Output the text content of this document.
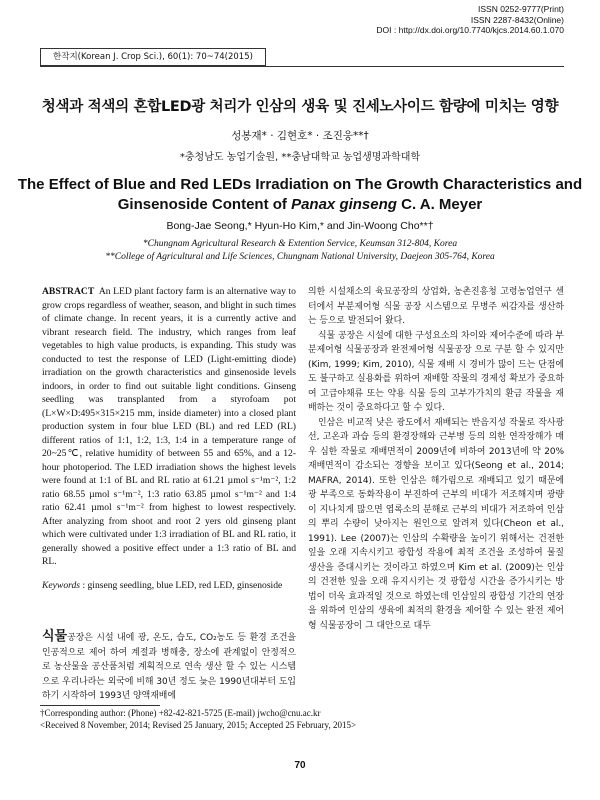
ISSN 0252-9777(Print)
ISSN 2287-8432(Online)
DOI : http://dx.doi.org/10.7740/kjcs.2014.60.1.070
한작지(Korean J. Crop Sci.), 60(1): 70~74(2015)
청색과 적색의 혼합LED광 처리가 인삼의 생육 및 진세노사이드 함량에 미치는 영향
성봉재* · 김현호* · 조진웅**†
*충청남도 농업기술원, **충남대학교 농업생명과학대학
The Effect of Blue and Red LEDs Irradiation on The Growth Characteristics and
Ginsenoside Content of Panax ginseng C. A. Meyer
Bong-Jae Seong,* Hyun-Ho Kim,* and Jin-Woong Cho**†
*Chungnam Agricultural Research & Extention Service, Keumsan 312-804, Korea
**College of Agricultural and Life Sciences, Chungnam National University, Daejeon 305-764, Korea

ABSTRACT An LED plant factory farm is an alternative way to grow crops regardless of weather, season, and blight in such times of climate change. In recent years, it is a currently active and vibrant research field. The industry, which ranges from leaf vegetables to high value products, is expanding. This study was conducted to test the response of LED (Light-emitting diode) irradiation on the growth characteristics and ginsenoside levels indoors, in order to find out suitable light conditions. Ginseng seedling was transplanted from a styrofoam pot (L×W×D:495×315×215 mm, inside diameter) into a closed plant production system in four blue LED (BL) and red LED (RL) different ratios of 1:1, 1:2, 1:3, 1:4 in a temperature range of 20~25℃, relative humidity of between 55 and 65%, and a 12-hour photoperiod. The LED irradiation shows the highest levels were found at 1:1 of BL and RL ratio at 61.21 µmol s⁻¹m⁻², 1:2 ratio 68.55 µmol s⁻¹m⁻², 1:3 ratio 63.85 µmol s⁻¹m⁻² and 1:4 ratio 62.41 µmol s⁻¹m⁻² from highest to lowest respectively. After analyzing from shoot and root 2 yers old ginseng plant which were cultivated under 1:3 irradiation of BL and RL ratio, it generally showed a positive effect under a 1:3 ratio of BL and RL.

Keywords : ginseng seedling, blue LED, red LED, ginsenoside

식물공장은 시설 내에 광, 온도, 습도, CO₂농도 등 환경 조건을 인공적으로 제어 하여 계절과 병해충, 장소에 관계없이 안정적으로 농산물을 공산품처럼 계획적으로 연속 생산 할 수 있는 시스템으로 우리나라는 외국에 비해 30년 정도 늦은 1990년대부터 도입하기 시작하여 1993년 양액재배에

의한 시설채소의 육묘공장의 상업화, 농촌진흥청 고령농업연구 센터에서 부분제어형 식물 공장 시스템으로 무병주 씨감자를 생산하는 등으로 발전되어 왔다.

식물 공장은 시설에 대한 구성요소의 차이와 제어수준에 따라 부분제어형 식물공장과 완전제어형 식물공장 으로 구분 할 수 있지만(Kim, 1999; Kim, 2010), 식물 재배 시 경비가 많이 드는 단점에도 불구하고 실용화를 위하여 재배할 작물의 경제성 확보가 중요하여 고급야채류 또는 약용 식물 등의 고부가가치의 환금 작물을 재배하는 것이 중요하다고 할 수 있다.

인삼은 비교적 낮은 광도에서 재배되는 반음지성 작물로 작사광선, 고온과 과습 등의 환경장해와 근부병 등의 의한 연작장해가 매우 심한 작물로 재배면적이 2009년에 비하여 2013년에 약 20% 재배면적이 감소되는 경향을 보이고 있다(Seong et al., 2014; MAFRA, 2014). 또한 인삼은 해가림으로 재배되고 있기 때문에 광 부족으로 동화작용이 부진하여 근부의 비대가 저조해지며 광량이 지나치게 많으면 엽록소의 분해로 근부의 비대가 저조하여 인삼의 뿌리 수량이 낮아지는 원인으로 알려져 있다(Cheon et al., 1991). Lee (2007)는 인삼의 수확량을 높이기 위해서는 건전한 잎을 오래 지속시키고 광합성 작용에 최적 조건을 조성하여 물질 생산을 증대시키는 것이라고 하였으며 Kim et al. (2009)는 인삼의 건전한 잎을 오래 유지시키는 것 광합성 시간을 증가시키는 방법이 더욱 효과적일 것으로 하였는데 인삼잎의 광합성 기간의 연장을 위하여 인삼의 생육에 최적의 환경을 제어할 수 있는 완전 제어형 식물공장이 그 대안으로 대두

†Corresponding author: (Phone) +82-42-821-5725 (E-mail) jwcho@cnu.ac.kr
<Received 8 November, 2014; Revised 25 January, 2015; Accepted 25 February, 2015>
70
